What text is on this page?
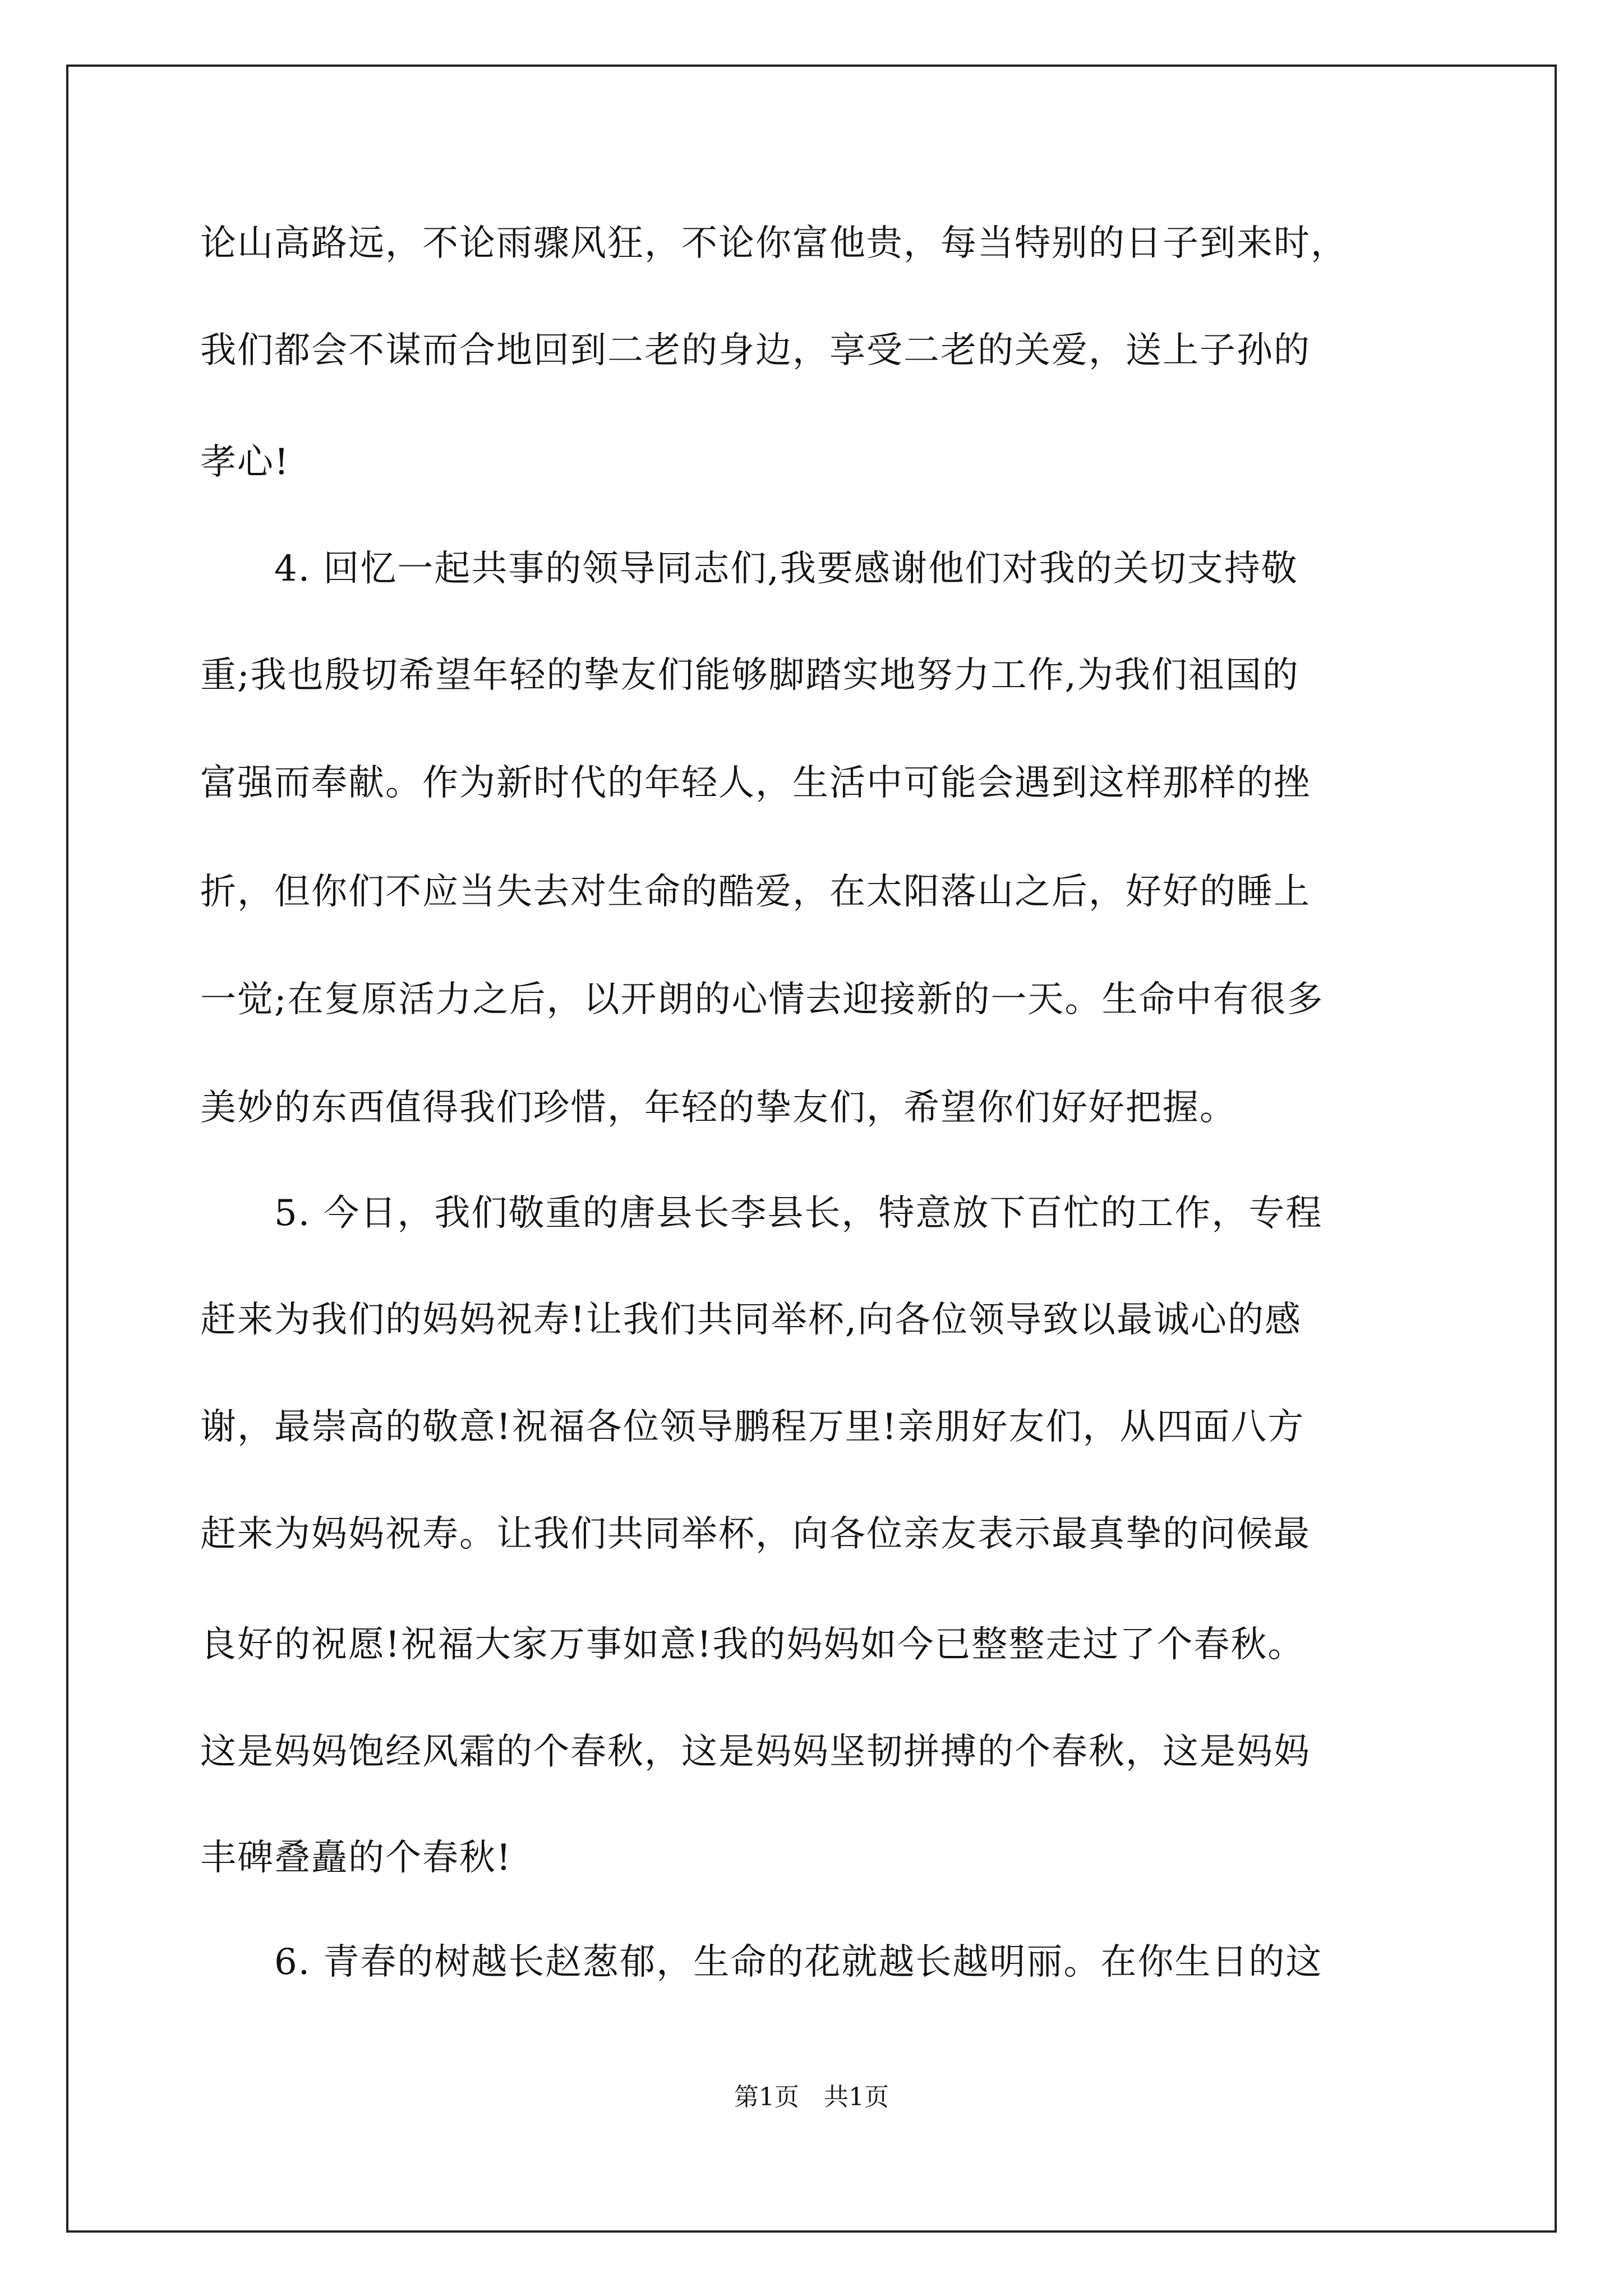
论山高路远，不论雨骤风狂，不论你富他贵，每当特别的日子到来时，

我们都会不谋而合地回到二老的身边，享受二老的关爱，送上子孙的

孝心!

　　4. 回忆一起共事的领导同志们,我要感谢他们对我的关切支持敬

重;我也殷切希望年轻的挚友们能够脚踏实地努力工作,为我们祖国的

富强而奉献。作为新时代的年轻人，生活中可能会遇到这样那样的挫

折，但你们不应当失去对生命的酷爱，在太阳落山之后，好好的睡上

一觉;在复原活力之后，以开朗的心情去迎接新的一天。生命中有很多

美妙的东西值得我们珍惜，年轻的挚友们，希望你们好好把握。

　　5. 今日，我们敬重的唐县长李县长，特意放下百忙的工作，专程

赶来为我们的妈妈祝寿!让我们共同举杯,向各位领导致以最诚心的感

谢，最崇高的敬意!祝福各位领导鹏程万里!亲朋好友们，从四面八方

赶来为妈妈祝寿。让我们共同举杯，向各位亲友表示最真挚的问候最

良好的祝愿!祝福大家万事如意!我的妈妈如今已整整走过了个春秋。

这是妈妈饱经风霜的个春秋，这是妈妈坚韧拼搏的个春秋，这是妈妈

丰碑叠矗的个春秋!

　　6. 青春的树越长赵葱郁，生命的花就越长越明丽。在你生日的这

第1页　共1页
